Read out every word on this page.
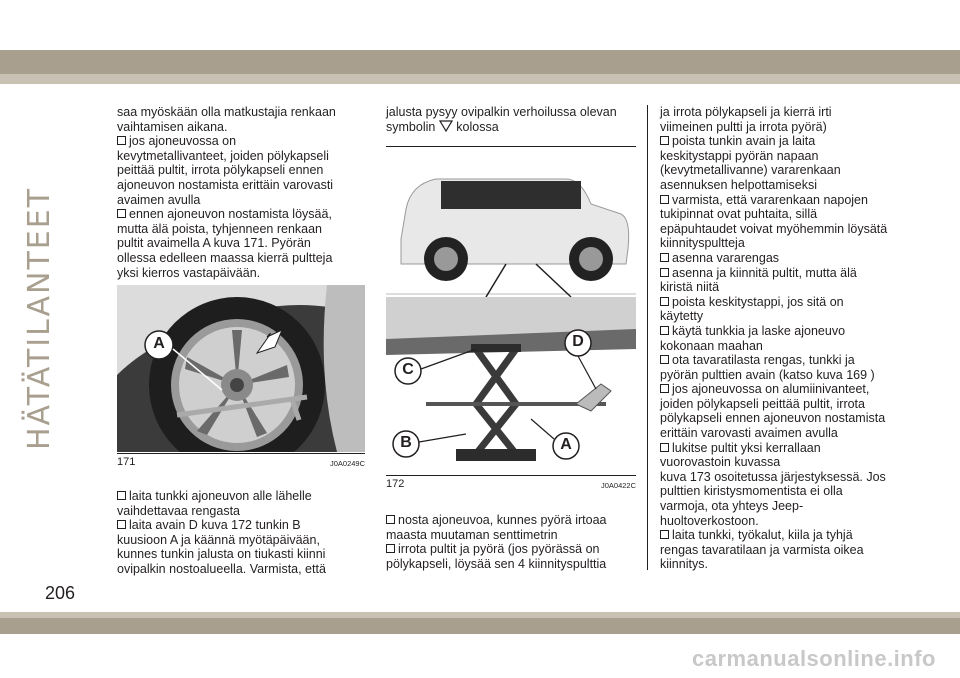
HÄTÄTILANTEET

saa myöskään olla matkustajia renkaan

vaihtamisen aikana.

jos ajoneuvossa on

kevytmetallivanteet, joiden pölykapseli

peittää pultit, irrota pölykapseli ennen

ajoneuvon nostamista erittäin varovasti

avaimen avulla

ennen ajoneuvon nostamista löysää,

mutta älä poista, tyhjenneen renkaan

pultit avaimella A kuva 171. Pyörän

ollessa edelleen maassa kierrä pultteja

yksi kierros vastapäivään.

A
171	J0A0249C

laita tunkki ajoneuvon alle lähelle

vaihdettavaa rengasta

laita avain D kuva 172 tunkin B

kuusioon A ja käännä myötäpäivään,

kunnes tunkin jalusta on tiukasti kiinni

ovipalkin nostoalueella. Varmista, että

jalusta pysyy ovipalkin verhoilussa olevan

symbolin kolossa

C
D
B	A
172	J0A0422C

nosta ajoneuvoa, kunnes pyörä irtoaa

maasta muutaman senttimetrin

irrota pultit ja pyörä (jos pyörässä on

pölykapseli, löysää sen 4 kiinnityspulttia

ja irrota pölykapseli ja kierrä irti

viimeinen pultti ja irrota pyörä)

poista tunkin avain ja laita

keskitystappi pyörän napaan

(kevytmetallivanne) vararenkaan

asennuksen helpottamiseksi

varmista, että vararenkaan napojen

tukipinnat ovat puhtaita, sillä

epäpuhtaudet voivat myöhemmin löysätä

kiinnityspultteja

asenna vararengas

asenna ja kiinnitä pultit, mutta älä

kiristä niitä

poista keskitystappi, jos sitä on

käytetty

käytä tunkkia ja laske ajoneuvo

kokonaan maahan

ota tavaratilasta rengas, tunkki ja

pyörän pulttien avain (katso kuva 169 )

jos ajoneuvossa on alumiinivanteet,

joiden pölykapseli peittää pultit, irrota

pölykapseli ennen ajoneuvon nostamista

erittäin varovasti avaimen avulla

lukitse pultit yksi kerrallaan

vuorovastoin kuvassa

kuva 173 osoitetussa järjestyksessä. Jos

pulttien kiristysmomentista ei olla

varmoja, ota yhteys Jeep-

huoltoverkostoon.

laita tunkki, työkalut, kiila ja tyhjä

rengas tavaratilaan ja varmista oikea

kiinnitys.

206
carmanualsonline.info
